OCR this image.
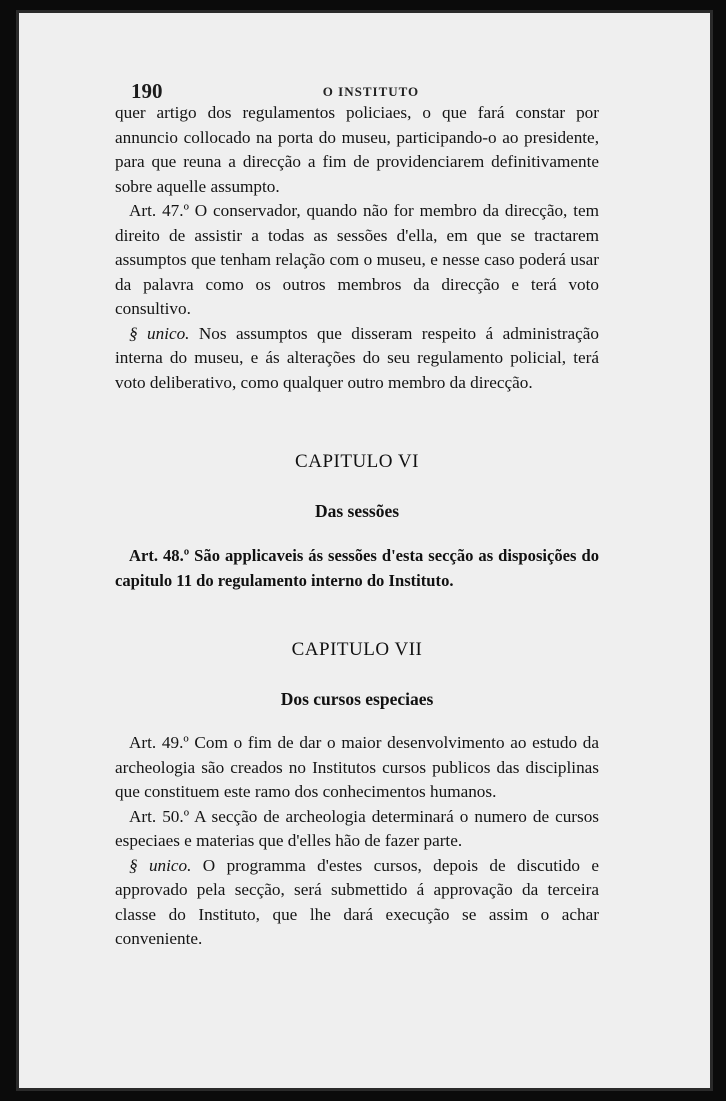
190	O INSTITUTO

quer artigo dos regulamentos policiaes, o que fará constar por annuncio collocado na porta do museu, participando-o ao presidente, para que reuna a direcção a fim de providenciarem definitivamente sobre aquelle assumpto.

Art. 47.º O conservador, quando não for membro da direcção, tem direito de assistir a todas as sessões d'ella, em que se tractarem assumptos que tenham relação com o museu, e nesse caso poderá usar da palavra como os outros membros da direcção e terá voto consultivo.

§ unico. Nos assumptos que disseram respeito á administração interna do museu, e ás alterações do seu regulamento policial, terá voto deliberativo, como qualquer outro membro da direcção.

CAPITULO VI
Das sessões

Art. 48.º São applicaveis ás sessões d'esta secção as disposições do capitulo 11 do regulamento interno do Instituto.

CAPITULO VII
Dos cursos especiaes

Art. 49.º Com o fim de dar o maior desenvolvimento ao estudo da archeologia são creados no Institutos cursos publicos das disciplinas que constituem este ramo dos conhecimentos humanos.

Art. 50.º A secção de archeologia determinará o numero de cursos especiaes e materias que d'elles hão de fazer parte.

§ unico. O programma d'estes cursos, depois de discutido e approvado pela secção, será submettido á approvação da terceira classe do Instituto, que lhe dará execução se assim o achar conveniente.
